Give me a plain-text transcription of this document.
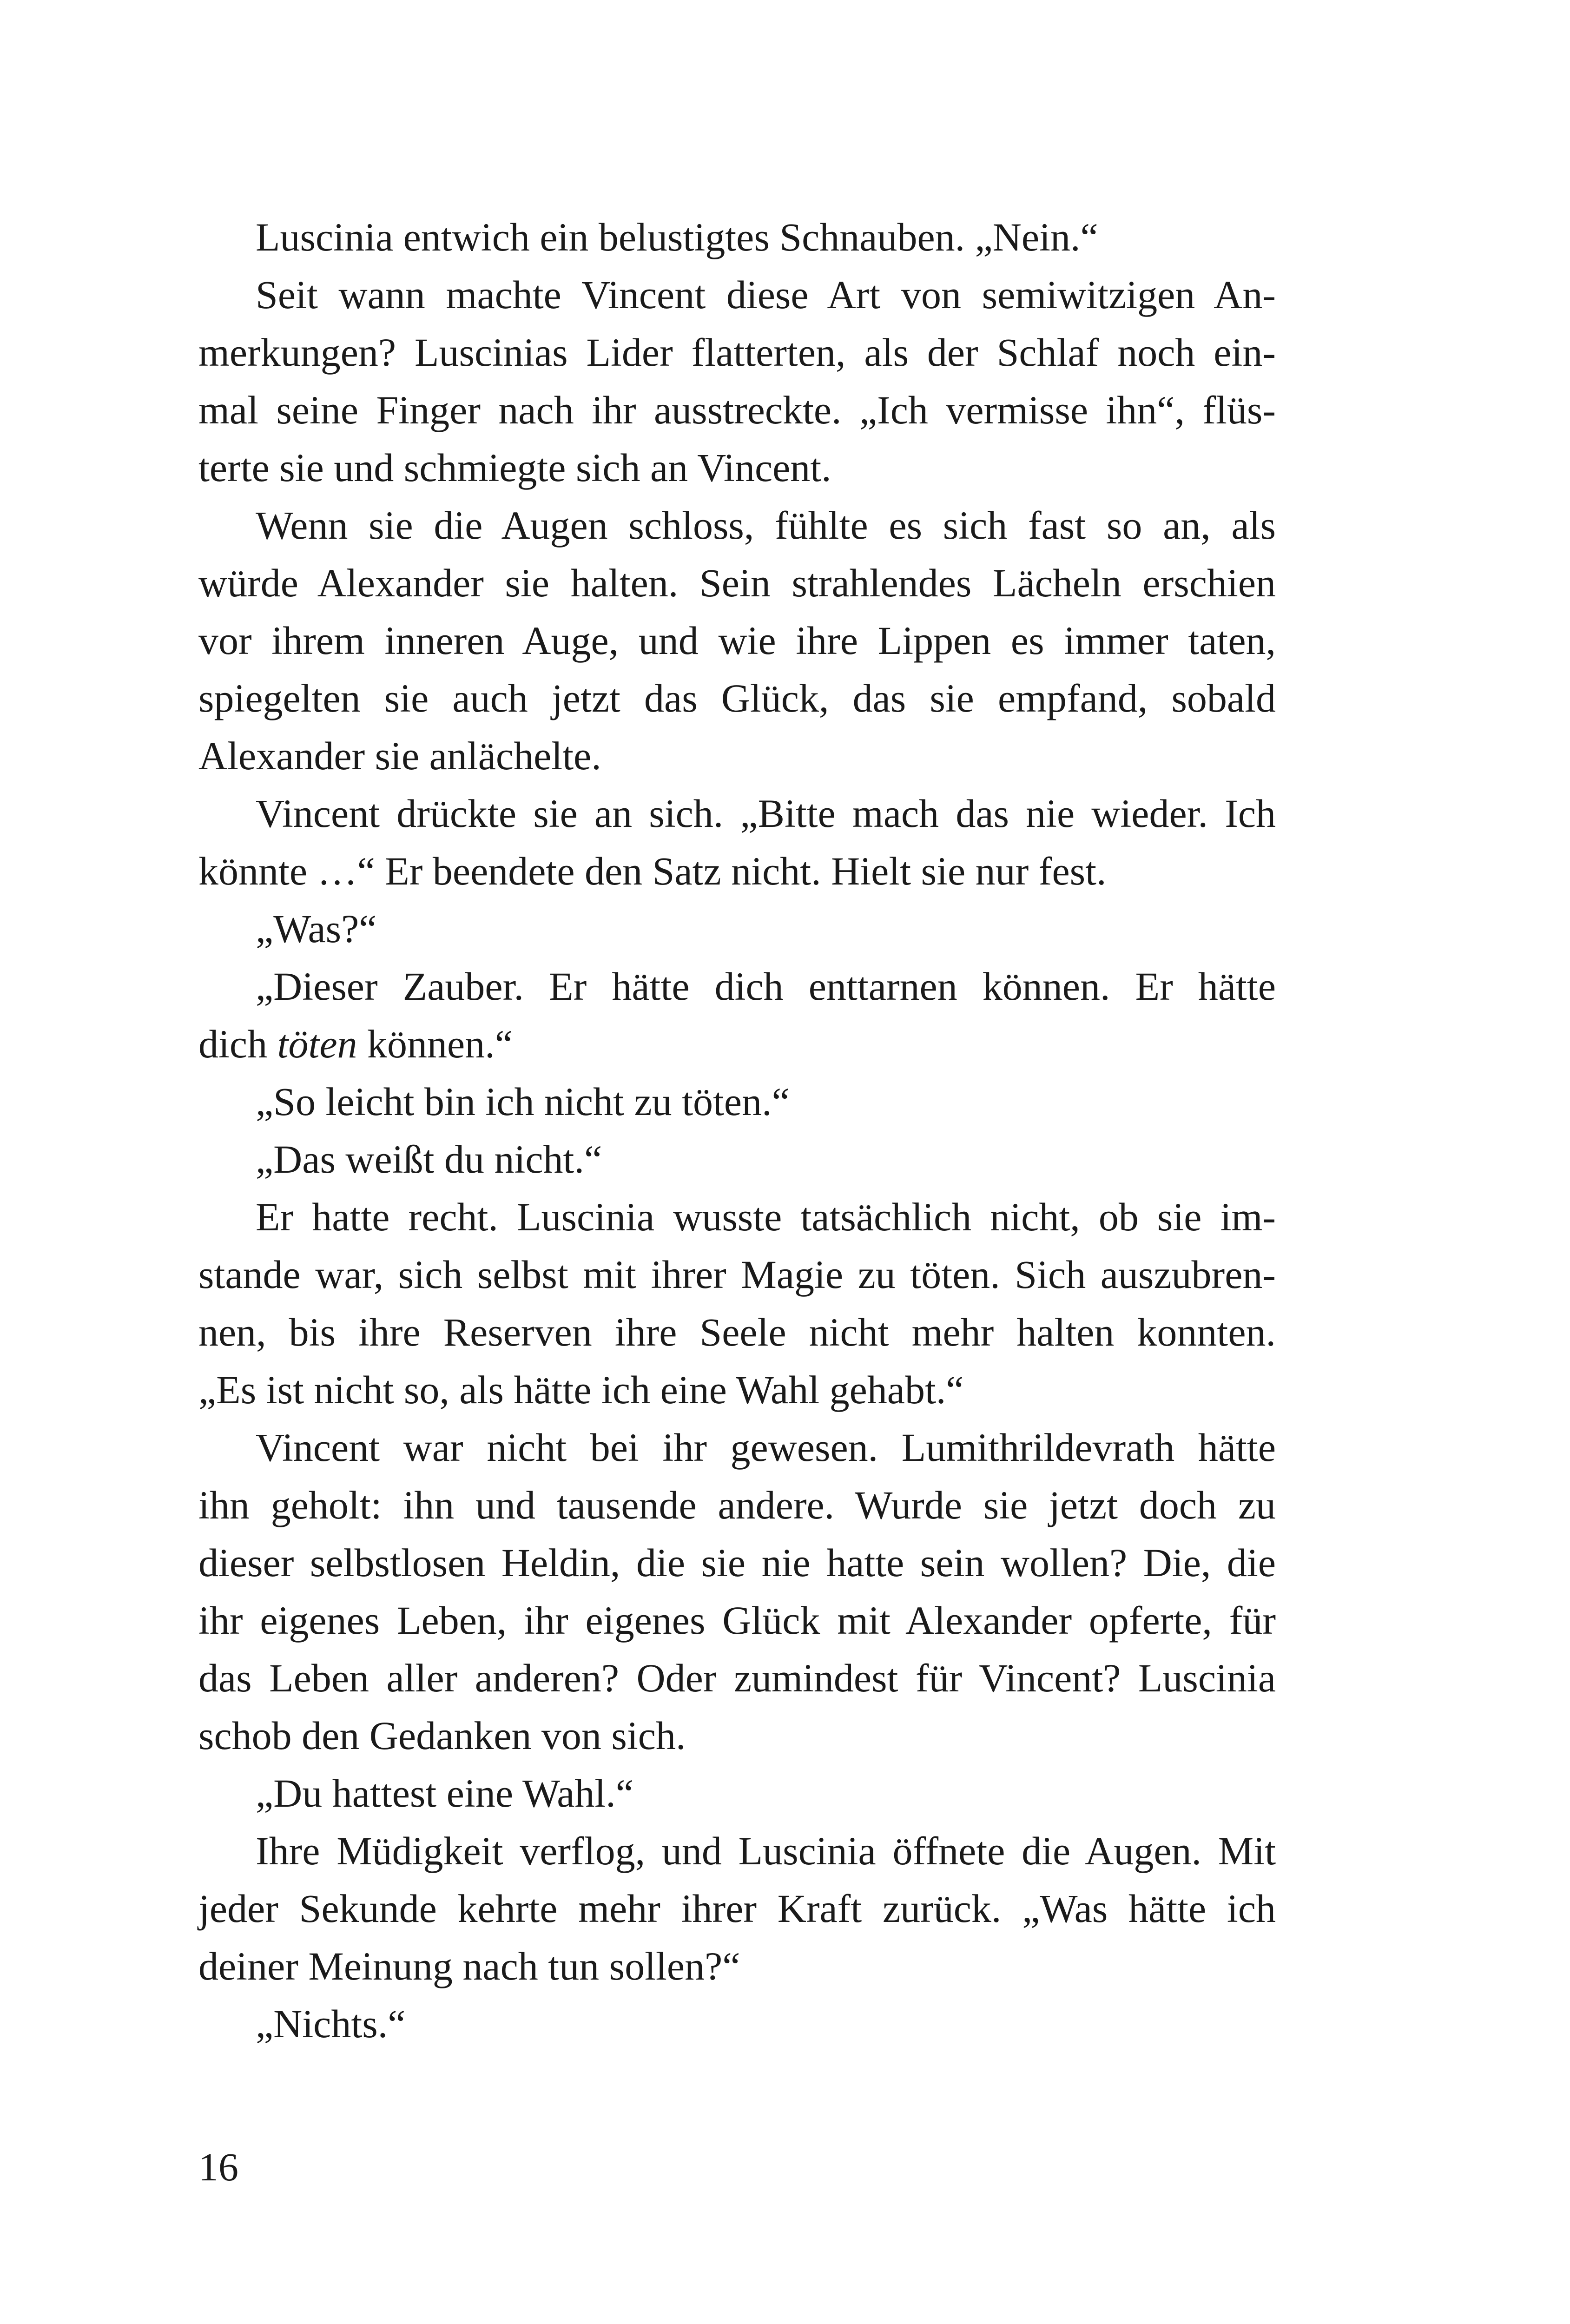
Luscinia entwich ein belustigtes Schnauben. „Nein.“
Seit wann machte Vincent diese Art von semiwitzigen An-
merkungen? Luscinias Lider flatterten, als der Schlaf noch ein-
mal seine Finger nach ihr ausstreckte. „Ich vermisse ihn“, flüs-
terte sie und schmiegte sich an Vincent.
Wenn sie die Augen schloss, fühlte es sich fast so an, als
würde Alexander sie halten. Sein strahlendes Lächeln erschien
vor ihrem inneren Auge, und wie ihre Lippen es immer taten,
spiegelten sie auch jetzt das Glück, das sie empfand, sobald
Alexander sie anlächelte.
Vincent drückte sie an sich. „Bitte mach das nie wieder. Ich
könnte …“ Er beendete den Satz nicht. Hielt sie nur fest.
„Was?“
„Dieser Zauber. Er hätte dich enttarnen können. Er hätte
dich töten können.“
„So leicht bin ich nicht zu töten.“
„Das weißt du nicht.“
Er hatte recht. Luscinia wusste tatsächlich nicht, ob sie im-
stande war, sich selbst mit ihrer Magie zu töten. Sich auszubren-
nen, bis ihre Reserven ihre Seele nicht mehr halten konnten.
„Es ist nicht so, als hätte ich eine Wahl gehabt.“
Vincent war nicht bei ihr gewesen. Lumithrildevrath hätte
ihn geholt: ihn und tausende andere. Wurde sie jetzt doch zu
dieser selbstlosen Heldin, die sie nie hatte sein wollen? Die, die
ihr eigenes Leben, ihr eigenes Glück mit Alexander opferte, für
das Leben aller anderen? Oder zumindest für Vincent? Luscinia
schob den Gedanken von sich.
„Du hattest eine Wahl.“
Ihre Müdigkeit verflog, und Luscinia öffnete die Augen. Mit
jeder Sekunde kehrte mehr ihrer Kraft zurück. „Was hätte ich
deiner Meinung nach tun sollen?“
„Nichts.“
16
